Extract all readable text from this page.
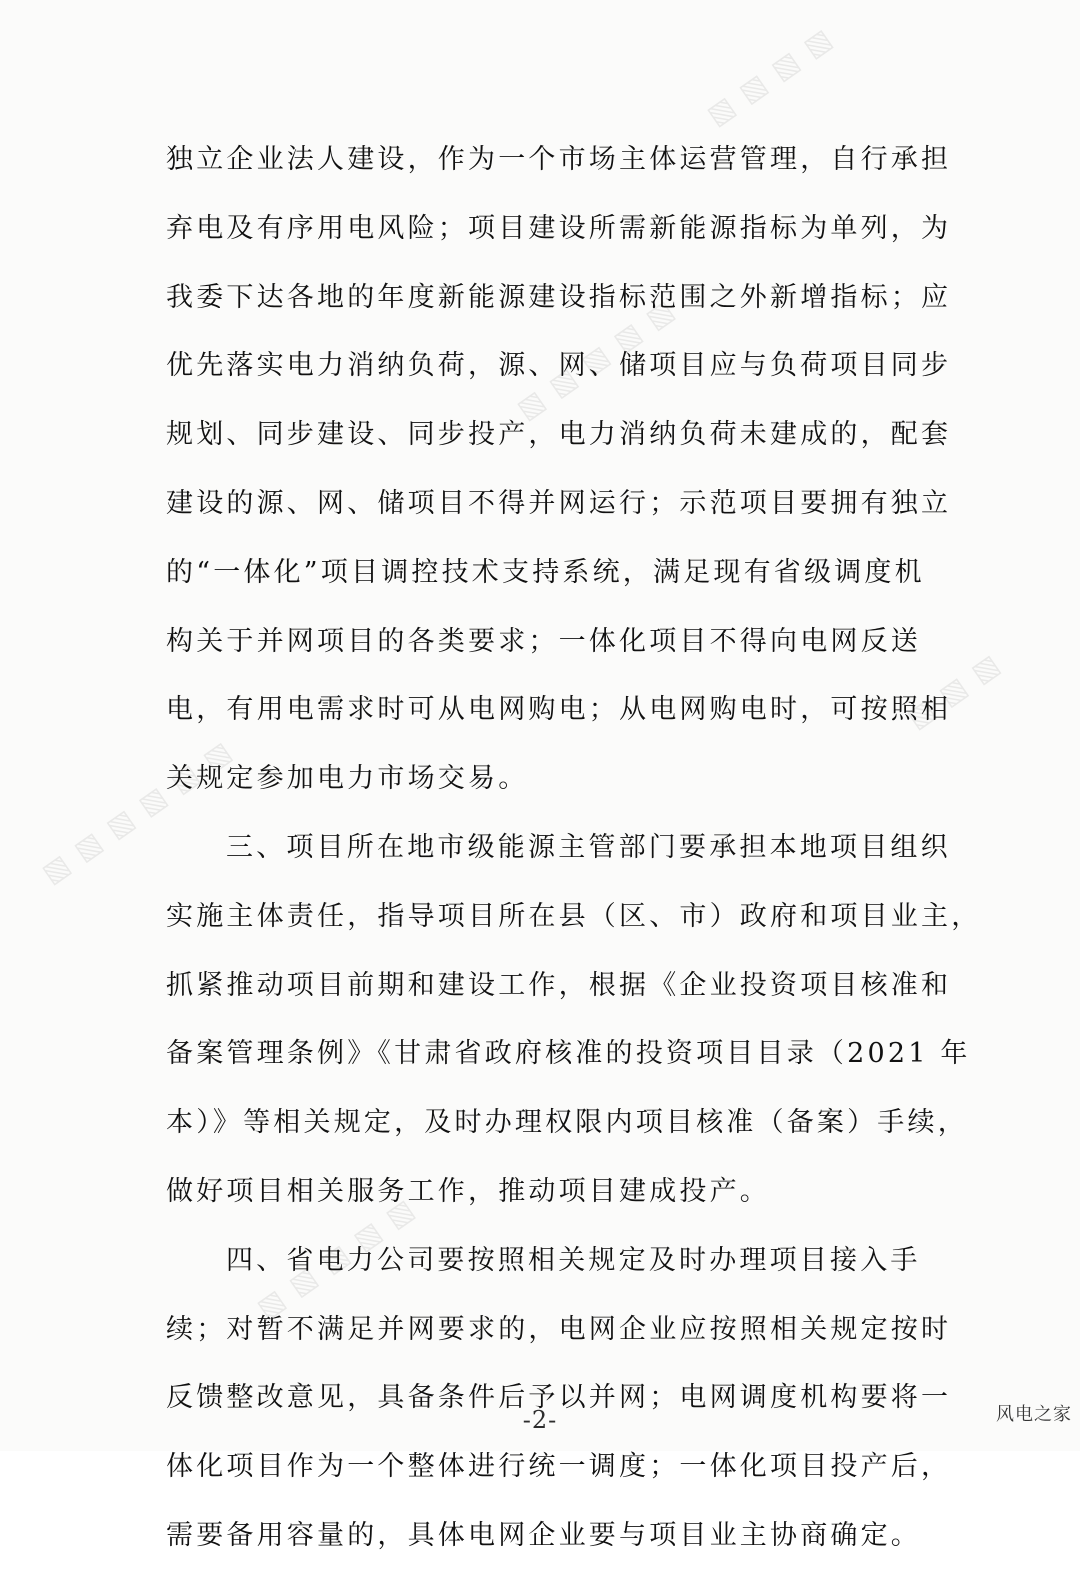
▧ ▧ ▧ ▧
▧ ▧ ▧ ▧ ▧
▧ ▧ ▧
▧ ▧ ▧ ▧ ▧ ▧
▧ ▧ ▧ ▧ ▧
独立企业法人建设，作为一个市场主体运营管理，自行承担
弃电及有序用电风险；项目建设所需新能源指标为单列，为
我委下达各地的年度新能源建设指标范围之外新增指标；应
优先落实电力消纳负荷，源、网、储项目应与负荷项目同步
规划、同步建设、同步投产，电力消纳负荷未建成的，配套
建设的源、网、储项目不得并网运行；示范项目要拥有独立
的“一体化”项目调控技术支持系统，满足现有省级调度机
构关于并网项目的各类要求；一体化项目不得向电网反送
电，有用电需求时可从电网购电；从电网购电时，可按照相
关规定参加电力市场交易。
三、项目所在地市级能源主管部门要承担本地项目组织
实施主体责任，指导项目所在县（区、市）政府和项目业主，
抓紧推动项目前期和建设工作，根据《企业投资项目核准和
备案管理条例》《甘肃省政府核准的投资项目目录（2021 年
本）》等相关规定，及时办理权限内项目核准（备案）手续，
做好项目相关服务工作，推动项目建成投产。
四、省电力公司要按照相关规定及时办理项目接入手
续；对暂不满足并网要求的，电网企业应按照相关规定按时
反馈整改意见，具备条件后予以并网；电网调度机构要将一
体化项目作为一个整体进行统一调度；一体化项目投产后，
需要备用容量的，具体电网企业要与项目业主协商确定。
-2-	风电之家
